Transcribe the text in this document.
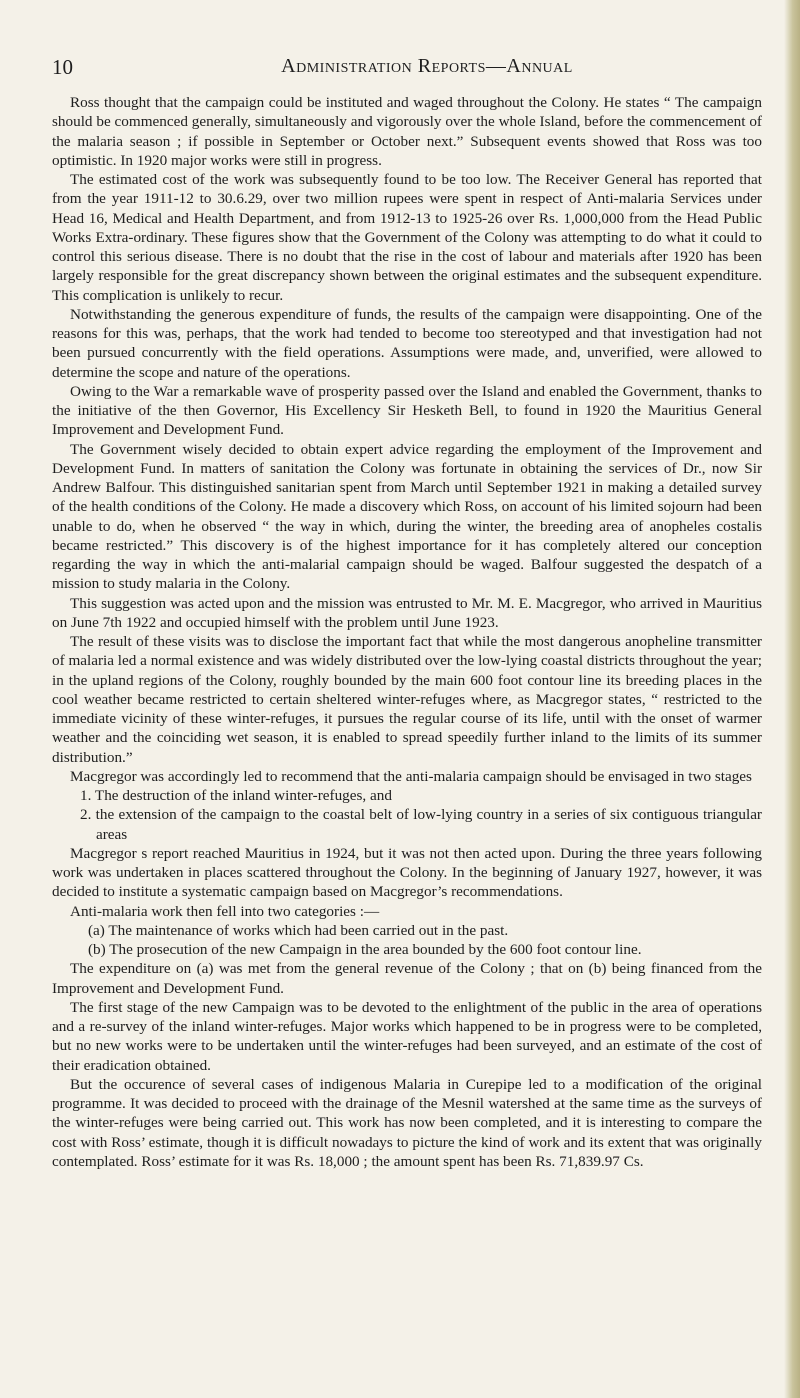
10	Administration Reports—Annual

Ross thought that the campaign could be instituted and waged throughout the Colony. He states “ The campaign should be commenced generally, simultaneously and vigorously over the whole Island, before the commencement of the malaria season ; if possible in September or October next.” Subsequent events showed that Ross was too optimistic. In 1920 major works were still in progress.

The estimated cost of the work was subsequently found to be too low. The Receiver General has reported that from the year 1911-12 to 30.6.29, over two million rupees were spent in respect of Anti-malaria Services under Head 16, Medical and Health Department, and from 1912-13 to 1925-26 over Rs. 1,000,000 from the Head Public Works Extra-ordinary. These figures show that the Government of the Colony was attempting to do what it could to control this serious disease. There is no doubt that the rise in the cost of labour and materials after 1920 has been largely responsible for the great discrepancy shown between the original estimates and the subsequent expenditure. This complication is unlikely to recur.

Notwithstanding the generous expenditure of funds, the results of the campaign were disappointing. One of the reasons for this was, perhaps, that the work had tended to become too stereotyped and that investigation had not been pursued concurrently with the field operations. Assumptions were made, and, unverified, were allowed to determine the scope and nature of the operations.

Owing to the War a remarkable wave of prosperity passed over the Island and enabled the Government, thanks to the initiative of the then Governor, His Excellency Sir Hesketh Bell, to found in 1920 the Mauritius General Improvement and Development Fund.

The Government wisely decided to obtain expert advice regarding the employment of the Improvement and Development Fund. In matters of sanitation the Colony was fortunate in obtaining the services of Dr., now Sir Andrew Balfour. This distinguished sanitarian spent from March until September 1921 in making a detailed survey of the health conditions of the Colony. He made a discovery which Ross, on account of his limited sojourn had been unable to do, when he observed “ the way in which, during the winter, the breeding area of anopheles costalis became restricted.” This discovery is of the highest importance for it has completely altered our conception regarding the way in which the anti-malarial campaign should be waged. Balfour suggested the despatch of a mission to study malaria in the Colony.

This suggestion was acted upon and the mission was entrusted to Mr. M. E. Macgregor, who arrived in Mauritius on June 7th 1922 and occupied himself with the problem until June 1923.

The result of these visits was to disclose the important fact that while the most dangerous anopheline transmitter of malaria led a normal existence and was widely distributed over the low-lying coastal districts throughout the year; in the upland regions of the Colony, roughly bounded by the main 600 foot contour line its breeding places in the cool weather became restricted to certain sheltered winter-refuges where, as Macgregor states, “ restricted to the immediate vicinity of these winter-refuges, it pursues the regular course of its life, until with the onset of warmer weather and the coinciding wet season, it is enabled to spread speedily further inland to the limits of its summer distribution.”

Macgregor was accordingly led to recommend that the anti-malaria campaign should be envisaged in two stages

1. The destruction of the inland winter-refuges, and

2. the extension of the campaign to the coastal belt of low-lying country in a series of six contiguous triangular areas

Macgregor s report reached Mauritius in 1924, but it was not then acted upon. During the three years following work was undertaken in places scattered throughout the Colony. In the beginning of January 1927, however, it was decided to institute a systematic campaign based on Macgregor’s recommendations.

Anti-malaria work then fell into two categories :—

(a) The maintenance of works which had been carried out in the past.

(b) The prosecution of the new Campaign in the area bounded by the 600 foot contour line.

The expenditure on (a) was met from the general revenue of the Colony ; that on (b) being financed from the Improvement and Development Fund.

The first stage of the new Campaign was to be devoted to the enlightment of the public in the area of operations and a re-survey of the inland winter-refuges. Major works which happened to be in progress were to be completed, but no new works were to be undertaken until the winter-refuges had been surveyed, and an estimate of the cost of their eradication obtained.

But the occurence of several cases of indigenous Malaria in Curepipe led to a modification of the original programme. It was decided to proceed with the drainage of the Mesnil watershed at the same time as the surveys of the winter-refuges were being carried out. This work has now been completed, and it is interesting to compare the cost with Ross’ estimate, though it is difficult nowadays to picture the kind of work and its extent that was originally contemplated. Ross’ estimate for it was Rs. 18,000 ; the amount spent has been Rs. 71,839.97 Cs.
